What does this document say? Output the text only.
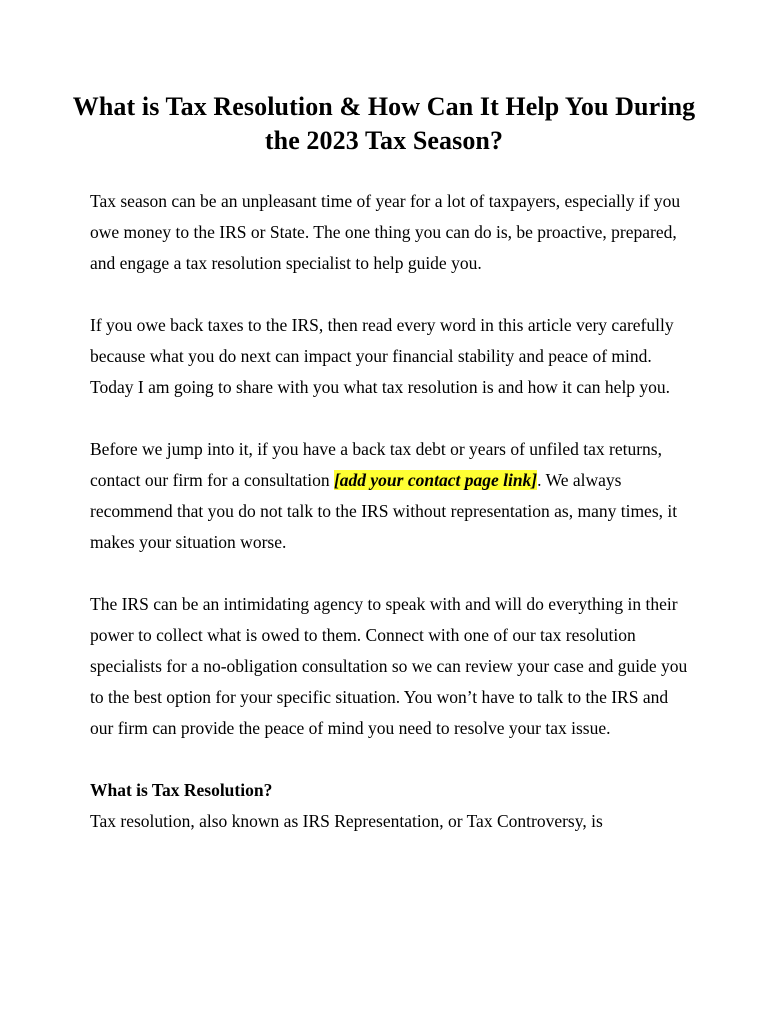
What is Tax Resolution & How Can It Help You During the 2023 Tax Season?

Tax season can be an unpleasant time of year for a lot of taxpayers, especially if you owe money to the IRS or State. The one thing you can do is, be proactive, prepared, and engage a tax resolution specialist to help guide you.

If you owe back taxes to the IRS, then read every word in this article very carefully because what you do next can impact your financial stability and peace of mind. Today I am going to share with you what tax resolution is and how it can help you.

Before we jump into it, if you have a back tax debt or years of unfiled tax returns, contact our firm for a consultation [add your contact page link]. We always recommend that you do not talk to the IRS without representation as, many times, it makes your situation worse.

The IRS can be an intimidating agency to speak with and will do everything in their power to collect what is owed to them. Connect with one of our tax resolution specialists for a no-obligation consultation so we can review your case and guide you to the best option for your specific situation. You won’t have to talk to the IRS and our firm can provide the peace of mind you need to resolve your tax issue.

What is Tax Resolution?

Tax resolution, also known as IRS Representation, or Tax Controversy, is
